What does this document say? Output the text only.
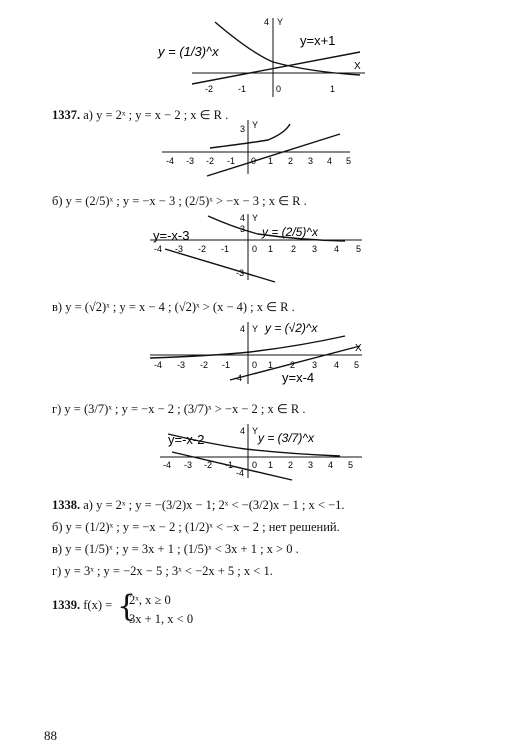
-2	-1	0	1
4 Y
X
y = (1/3)^x
y=x+1
1337. а) y = 2ˣ ; y = x − 2 ; x ∈ R .
Y
3
-4 -3 -2 -1 0 1 2 3 4 5
б) y = (2/5)ˣ ; y = −x − 3 ; (2/5)ˣ > −x − 3 ; x ∈ R .
y=-x-3	y = (2/5)^x
3
-3
4 Y
-4 -3 -2 -1	0 1 2 3 4 5
в) y = (√2)ˣ ; y = x − 4 ; (√2)ˣ > (x − 4) ; x ∈ R .
y = (√2)^x
y=x-4
4 Y
-4
X
-4 -3 -2 -1 0 1 2 3 4 5
г) y = (3/7)ˣ ; y = −x − 2 ; (3/7)ˣ > −x − 2 ; x ∈ R .
y=-x-2	y = (3/7)^x
4 Y
-4
-4 -3 -2 -1 0 1 2 3 4 5
1338. а) y = 2ˣ ; y = −(3/2)x − 1; 2ˣ < −(3/2)x − 1 ; x < −1.
б) y = (1/2)ˣ ; y = −x − 2 ; (1/2)ˣ < −x − 2 ; нет решений.
в) y = (1/5)ˣ ; y = 3x + 1 ; (1/5)ˣ < 3x + 1 ; x > 0 .
г) y = 3ˣ ; y = −2x − 5 ; 3ˣ < −2x + 5 ; x < 1.
1339. f(x) = {
2ˣ, x ≥ 0
3x + 1, x < 0
88
